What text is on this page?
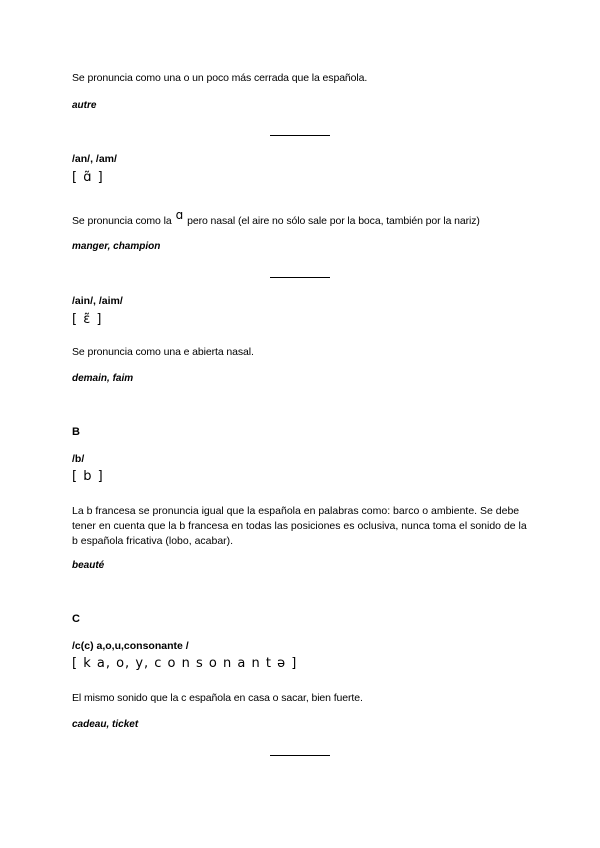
Se pronuncia como una o un poco más cerrada que la española.
autre
/an/, /am/
[ ɑ̃ ]
Se pronuncia como la ɑ pero nasal (el aire no sólo sale por la boca, también por la nariz)
manger, champion
/ain/, /aim/
[ ɛ̃ ]
Se pronuncia como una e abierta nasal.
demain, faim
B
/b/
[ b ]
La b francesa se pronuncia igual que la española en palabras como: barco o ambiente. Se debe tener en cuenta que la b francesa en todas las posiciones es oclusiva, nunca toma el sonido de la b española fricativa (lobo, acabar).
beauté
C
/c(c) a,o,u,consonante /
[ k a, o, y, c o n s o n a n t ə ]
El mismo sonido que la c española en casa o sacar, bien fuerte.
cadeau, ticket
